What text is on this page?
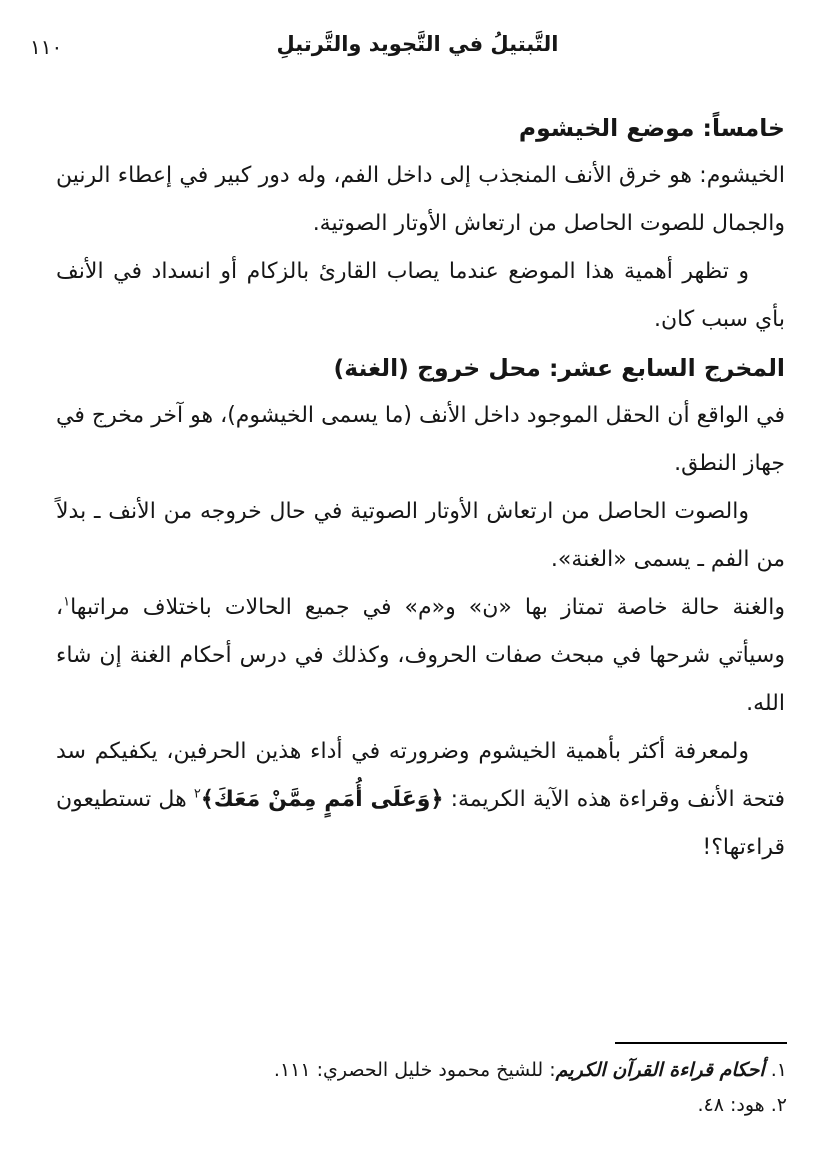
التَّبتيلُ في التَّجويد والتَّرتيلِ
١١٠
خامساً: موضع الخيشوم

الخيشوم: هو خرق الأنف المنجذب إلى داخل الفم، وله دور كبير في إعطاء الرنين والجمال للصوت الحاصل من ارتعاش الأوتار الصوتية.

و تظهر أهمية هذا الموضع عندما يصاب القارئ بالزكام أو انسداد في الأنف بأي سبب كان.

المخرج السابع عشر: محل خروج (الغنة)

في الواقع أن الحقل الموجود داخل الأنف (ما يسمى الخيشوم)، هو آخر مخرج في جهاز النطق.

والصوت الحاصل من ارتعاش الأوتار الصوتية في حال خروجه من الأنف ـ بدلاً من الفم ـ يسمى «الغنة».

والغنة حالة خاصة تمتاز بها «ن» و«م» في جميع الحالات باختلاف مراتبها$^١$، وسيأتي شرحها في مبحث صفات الحروف، وكذلك في درس أحكام الغنة إن شاء الله.

ولمعرفة أكثر بأهمية الخيشوم وضرورته في أداء هذين الحرفين، يكفيكم سد فتحة الأنف وقراءة هذه الآية الكريمة: ﴿وَعَلَى أُمَمٍ مِمَّنْ مَعَكَ﴾$^٢$ هل تستطيعون قراءتها؟!

١. أحكام قراءة القرآن الكريم: للشيخ محمود خليل الحصري: ١١١.
٢. هود: ٤٨.
